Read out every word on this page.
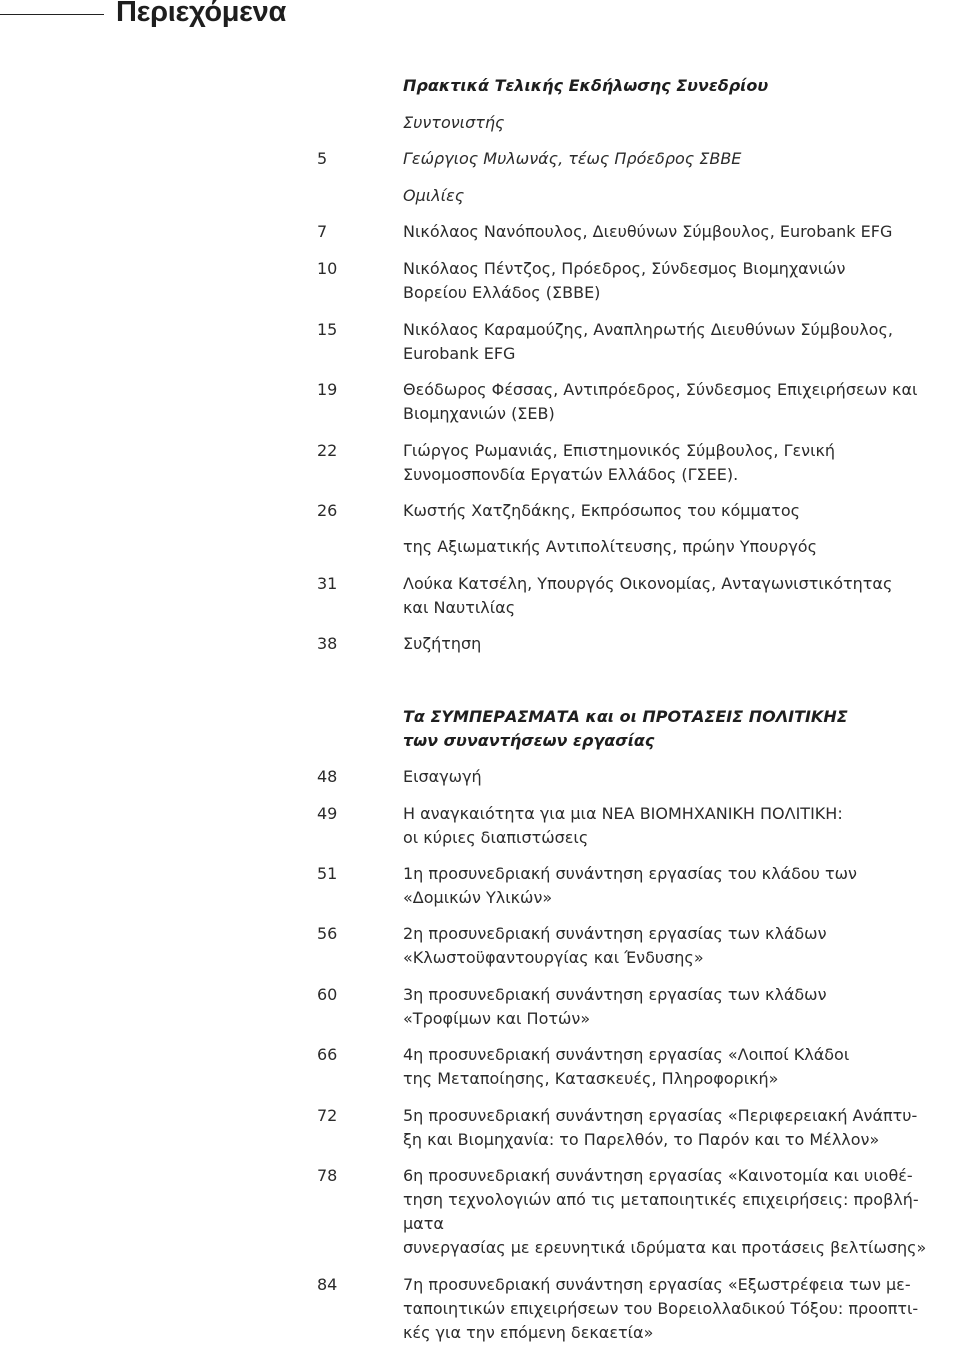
Περιεχόμενα
Πρακτικά Τελικής Εκδήλωσης Συνεδρίου
Συντονιστής
5	Γεώργιος Μυλωνάς, τέως Πρόεδρος ΣΒΒΕ
Ομιλίες
7	Νικόλαος Νανόπουλος, Διευθύνων Σύμβουλος, Eurobank EFG
10	Νικόλαος Πέντζος, Πρόεδρος, Σύνδεσμος Βιομηχανιών
Βορείου Ελλάδος (ΣΒΒΕ)
15	Νικόλαος Καραμούζης, Αναπληρωτής Διευθύνων Σύμβουλος,
Eurobank EFG
19	Θεόδωρος Φέσσας, Αντιπρόεδρος, Σύνδεσμος Επιχειρήσεων και
Βιομηχανιών (ΣΕΒ)
22	Γιώργος Ρωμανιάς, Επιστημονικός Σύμβουλος, Γενική
Συνομοσπονδία Εργατών Ελλάδος (ΓΣΕΕ).
26	Κωστής Χατζηδάκης, Εκπρόσωπος του κόμματος
της Αξιωματικής Αντιπολίτευσης, πρώην Υπουργός
31	Λούκα Κατσέλη, Υπουργός Οικονομίας, Ανταγωνιστικότητας
και Ναυτιλίας
38	Συζήτηση
Τα ΣΥΜΠΕΡΑΣΜΑΤΑ και οι ΠΡΟΤΑΣΕΙΣ ΠΟΛΙΤΙΚΗΣ
των συναντήσεων εργασίας
48	Εισαγωγή
49	Η αναγκαιότητα για μια ΝΕΑ ΒΙΟΜΗΧΑΝΙΚΗ ΠΟΛΙΤΙΚΗ:
οι κύριες διαπιστώσεις
51	1η προσυνεδριακή συνάντηση εργασίας του κλάδου των
«Δομικών Υλικών»
56	2η προσυνεδριακή συνάντηση εργασίας των κλάδων
«Κλωστοϋφαντουργίας και Ένδυσης»
60	3η προσυνεδριακή συνάντηση εργασίας των κλάδων
«Τροφίμων και Ποτών»
66	4η προσυνεδριακή συνάντηση εργασίας «Λοιποί Κλάδοι
της Μεταποίησης, Κατασκευές, Πληροφορική»
72	5η προσυνεδριακή συνάντηση εργασίας «Περιφερειακή Ανάπτυ-
ξη και Βιομηχανία: το Παρελθόν, το Παρόν και το Μέλλον»
78	6η προσυνεδριακή συνάντηση εργασίας «Καινοτομία και υιοθέ-
τηση τεχνολογιών από τις μεταποιητικές επιχειρήσεις: προβλή-
ματα
συνεργασίας με ερευνητικά ιδρύματα και προτάσεις βελτίωσης»
84	7η προσυνεδριακή συνάντηση εργασίας «Εξωστρέφεια των με-
ταποιητικών επιχειρήσεων του Βορειολλαδικού Τόξου: προοπτι-
κές για την επόμενη δεκαετία»
